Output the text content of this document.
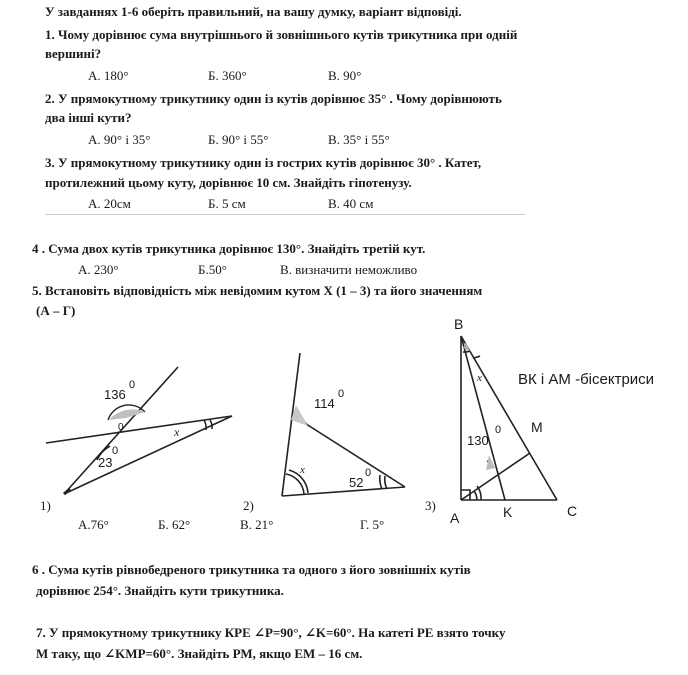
У завданнях 1-6 оберіть правильний, на вашу думку, варіант відповіді.
1. Чому дорівнює сума внутрішнього й зовнішнього кутів трикутника при одній
вершині?
А. 180°	Б. 360°	В. 90°
2. У прямокутному трикутнику один із кутів дорівнює 35° . Чому дорівнюють
два інші кути?
А. 90° і 35°	Б. 90° і 55°	В. 35° і 55°
3. У прямокутному трикутнику один із гострих кутів дорівнює 30° . Катет,
протилежний цьому куту, дорівнює 10 см. Знайдіть гіпотенузу.
А. 20см	Б. 5 см	В. 40 см
4 . Сума двох кутів трикутника дорівнює 130°. Знайдіть третій кут.
А. 230°	Б.50°	В. визначити неможливо
5. Встановіть відповідність між невідомим кутом X (1 – 3) та його значенням
(А – Г)
136
0
23
0
0	x
1)
114
0
52
0
x
2)
B
A	K	C
M
130
0
x ВК і АМ -бісектриси
3)
А.76°	Б. 62°	В. 21°	Г. 5°
6 . Сума кутів рівнобедреного трикутника та одного з його зовнішніх кутів
дорівнює 254°. Знайдіть кути трикутника.
7. У прямокутному трикутнику КРЕ ∠P=90°, ∠K=60°. На катеті РЕ взято точку
М таку, що ∠KMP=60°. Знайдіть РМ, якщо ЕМ – 16 см.
